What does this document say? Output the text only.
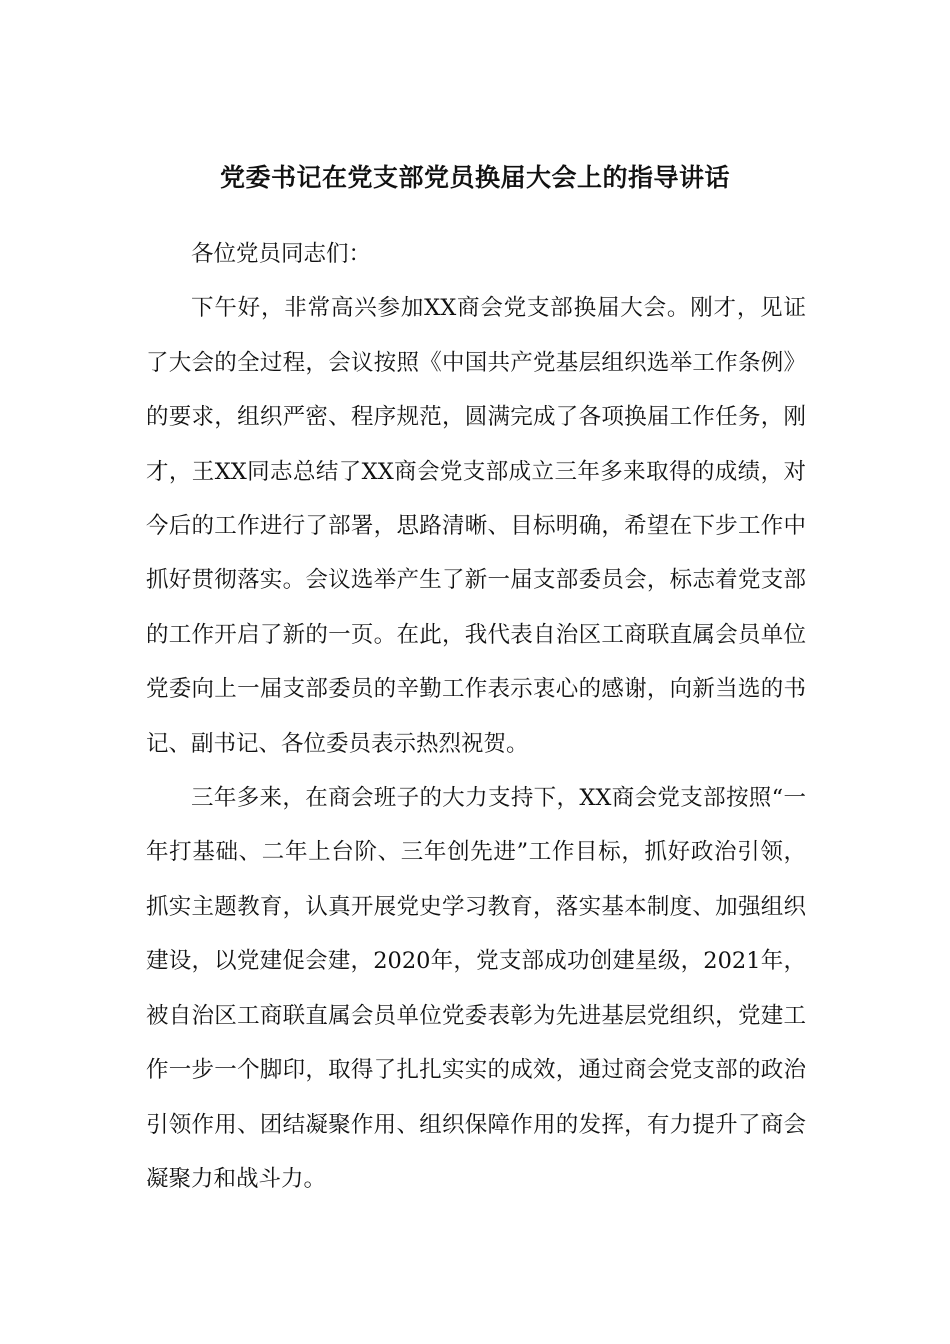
党委书记在党支部党员换届大会上的指导讲话

各位党员同志们：

下午好，非常高兴参加XX商会党支部换届大会。刚才，见证了大会的全过程，会议按照《中国共产党基层组织选举工作条例》的要求，组织严密、程序规范，圆满完成了各项换届工作任务，刚才，王XX同志总结了XX商会党支部成立三年多来取得的成绩，对今后的工作进行了部署，思路清晰、目标明确，希望在下步工作中抓好贯彻落实。会议选举产生了新一届支部委员会，标志着党支部的工作开启了新的一页。在此，我代表自治区工商联直属会员单位党委向上一届支部委员的辛勤工作表示衷心的感谢，向新当选的书记、副书记、各位委员表示热烈祝贺。

三年多来，在商会班子的大力支持下，XX商会党支部按照“一年打基础、二年上台阶、三年创先进”工作目标，抓好政治引领，抓实主题教育，认真开展党史学习教育，落实基本制度、加强组织建设，以党建促会建，2020年，党支部成功创建星级，2021年，被自治区工商联直属会员单位党委表彰为先进基层党组织，党建工作一步一个脚印，取得了扎扎实实的成效，通过商会党支部的政治引领作用、团结凝聚作用、组织保障作用的发挥，有力提升了商会凝聚力和战斗力。
